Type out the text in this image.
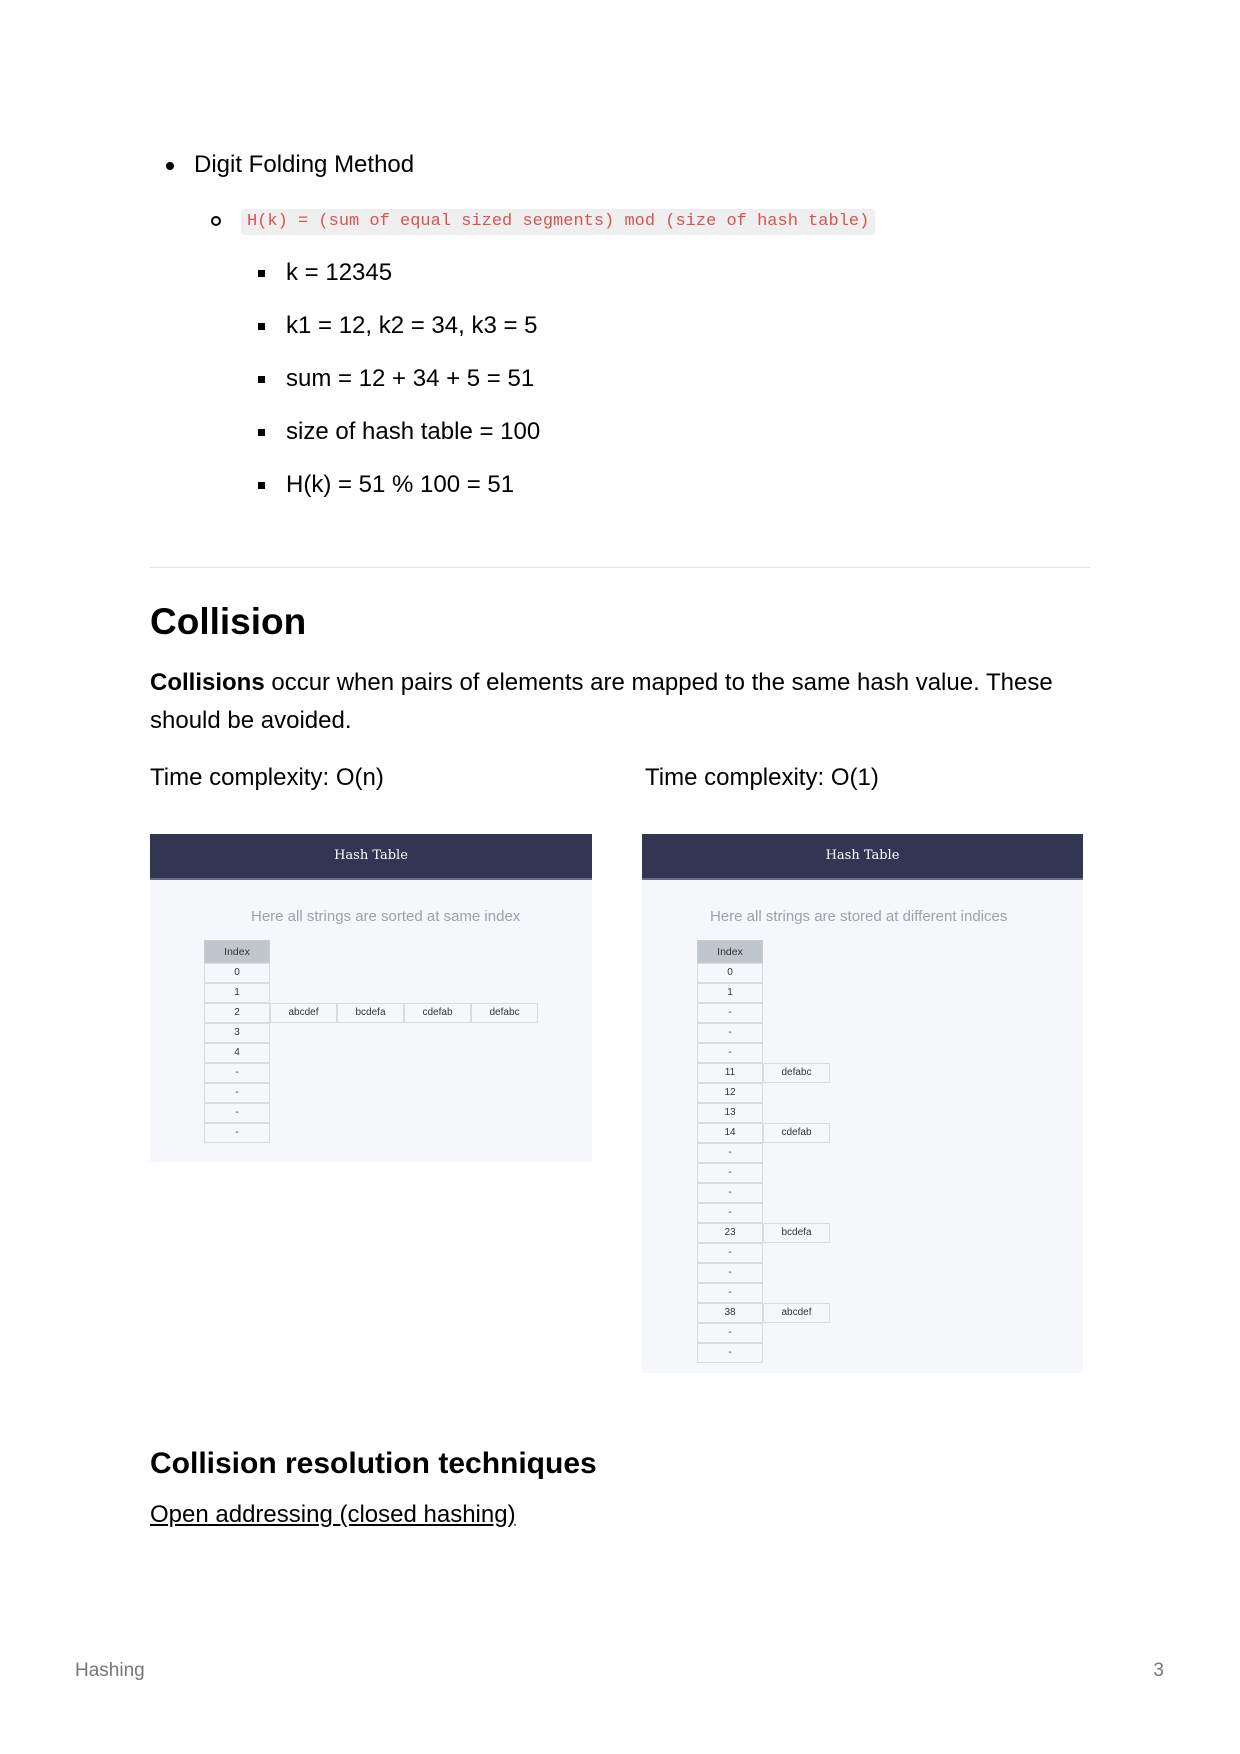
Digit Folding Method
H(k) = (sum of equal sized segments) mod (size of hash table)
k = 12345
k1 = 12, k2 = 34, k3 = 5
sum = 12 + 34 + 5 = 51
size of hash table = 100
H(k) = 51 % 100 = 51
Collision
Collisions occur when pairs of elements are mapped to the same hash value. These should be avoided.
Time complexity: O(n)	Time complexity: O(1)
Hash Table
Here all strings are sorted at same index
Index
0
1
2	abcdef	bcdefa	cdefab	defabc
3
4
-
-
-
-
Hash Table
Here all strings are stored at different indices
Index
0
1
-
-
-
11	defabc
12
13
14	cdefab
-
-
-
-
23	bcdefa
-
-
-
38	abcdef
-
-
Collision resolution techniques
Open addressing (closed hashing)
Hashing	3
